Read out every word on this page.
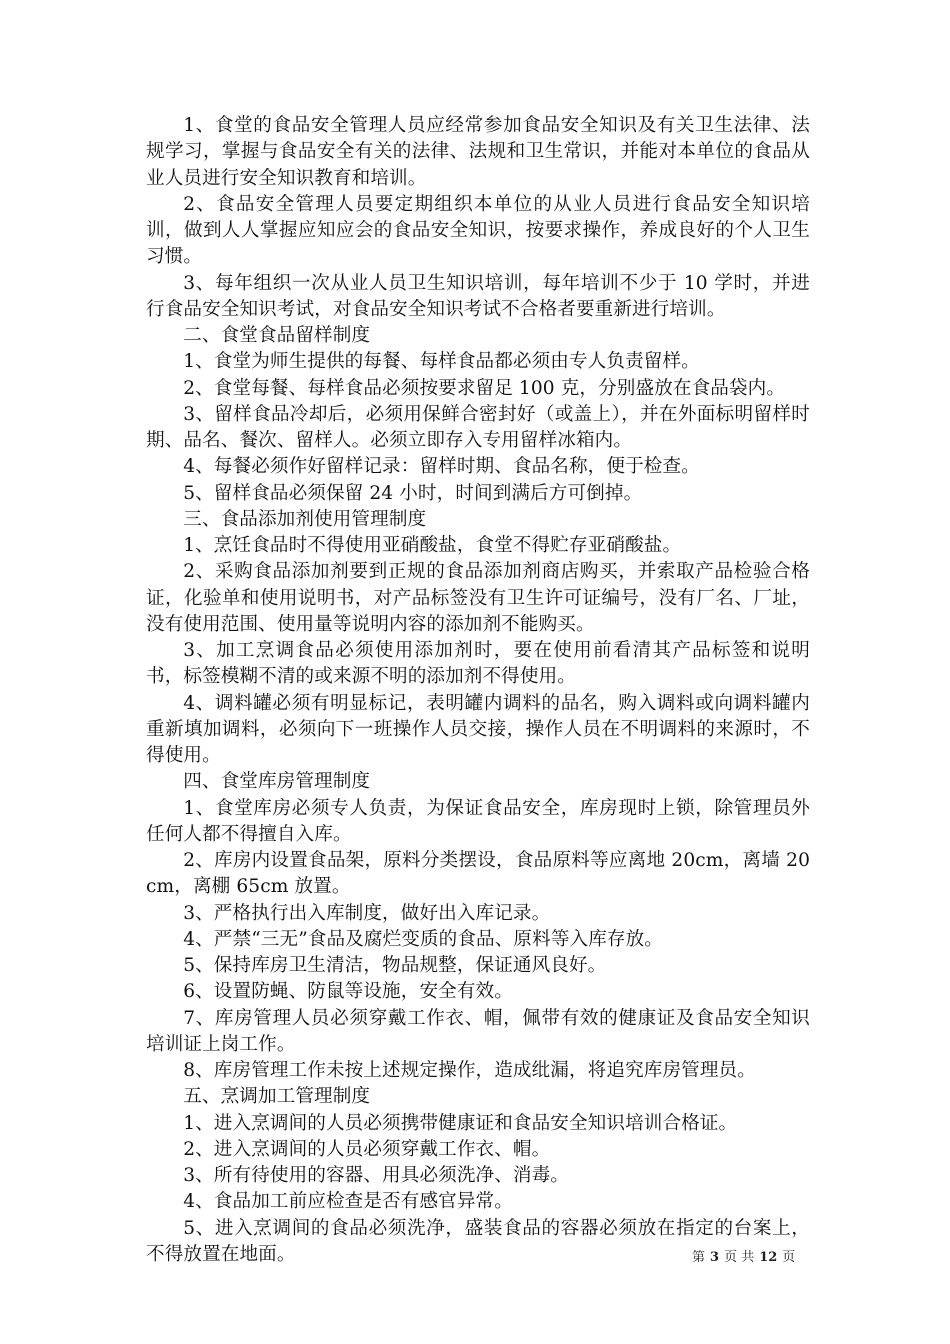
1、食堂的食品安全管理人员应经常参加食品安全知识及有关卫生法律、法规学习，掌握与食品安全有关的法律、法规和卫生常识，并能对本单位的食品从业人员进行安全知识教育和培训。

2、食品安全管理人员要定期组织本单位的从业人员进行食品安全知识培训，做到人人掌握应知应会的食品安全知识，按要求操作，养成良好的个人卫生习惯。

3、每年组织一次从业人员卫生知识培训，每年培训不少于 10 学时，并进行食品安全知识考试，对食品安全知识考试不合格者要重新进行培训。

二、食堂食品留样制度

1、食堂为师生提供的每餐、每样食品都必须由专人负责留样。

2、食堂每餐、每样食品必须按要求留足 100 克，分别盛放在食品袋内。

3、留样食品冷却后，必须用保鲜合密封好（或盖上），并在外面标明留样时期、品名、餐次、留样人。必须立即存入专用留样冰箱内。

4、每餐必须作好留样记录：留样时期、食品名称，便于检查。

5、留样食品必须保留 24 小时，时间到满后方可倒掉。

三、食品添加剂使用管理制度

1、烹饪食品时不得使用亚硝酸盐，食堂不得贮存亚硝酸盐。

2、采购食品添加剂要到正规的食品添加剂商店购买，并索取产品检验合格证，化验单和使用说明书，对产品标签没有卫生许可证编号，没有厂名、厂址，没有使用范围、使用量等说明内容的添加剂不能购买。

3、加工烹调食品必须使用添加剂时，要在使用前看清其产品标签和说明书，标签模糊不清的或来源不明的添加剂不得使用。

4、调料罐必须有明显标记，表明罐内调料的品名，购入调料或向调料罐内重新填加调料，必须向下一班操作人员交接，操作人员在不明调料的来源时，不得使用。

四、食堂库房管理制度

1、食堂库房必须专人负责，为保证食品安全，库房现时上锁，除管理员外任何人都不得擅自入库。

2、库房内设置食品架，原料分类摆设，食品原料等应离地 20cm，离墙 20cm，离棚 65cm 放置。

3、严格执行出入库制度，做好出入库记录。

4、严禁“三无”食品及腐烂变质的食品、原料等入库存放。

5、保持库房卫生清洁，物品规整，保证通风良好。

6、设置防蝇、防鼠等设施，安全有效。

7、库房管理人员必须穿戴工作衣、帽，佩带有效的健康证及食品安全知识培训证上岗工作。

8、库房管理工作未按上述规定操作，造成纰漏，将追究库房管理员。

五、烹调加工管理制度

1、进入烹调间的人员必须携带健康证和食品安全知识培训合格证。

2、进入烹调间的人员必须穿戴工作衣、帽。

3、所有待使用的容器、用具必须洗净、消毒。

4、食品加工前应检查是否有感官异常。

5、进入烹调间的食品必须洗净，盛装食品的容器必须放在指定的台案上，不得放置在地面。	第 3 页 共 12 页
